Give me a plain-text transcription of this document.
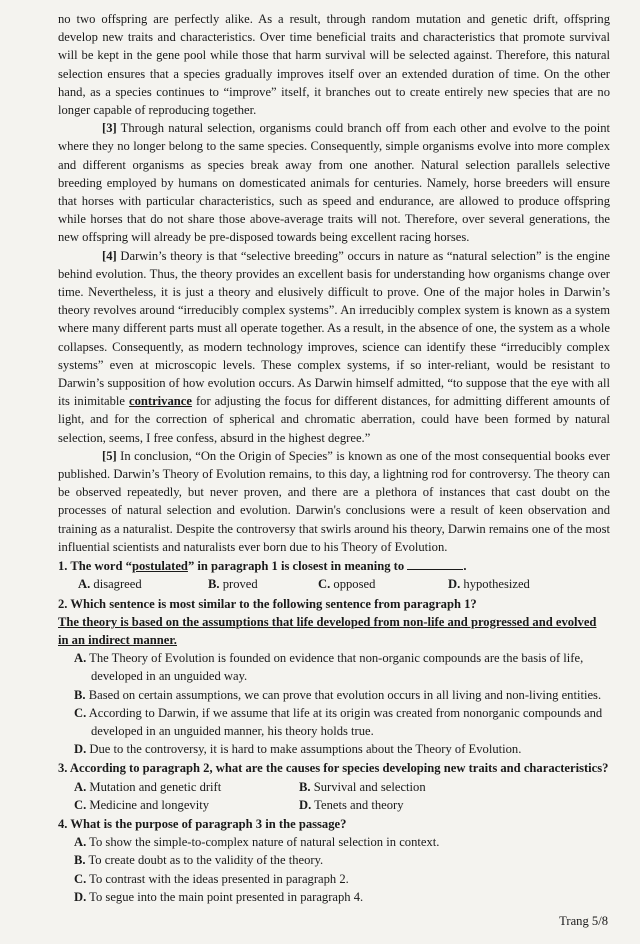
no two offspring are perfectly alike. As a result, through random mutation and genetic drift, offspring develop new traits and characteristics. Over time beneficial traits and characteristics that promote survival will be kept in the gene pool while those that harm survival will be selected against. Therefore, this natural selection ensures that a species gradually improves itself over an extended duration of time. On the other hand, as a species continues to “improve” itself, it branches out to create entirely new species that are no longer capable of reproducing together.

[3] Through natural selection, organisms could branch off from each other and evolve to the point where they no longer belong to the same species. Consequently, simple organisms evolve into more complex and different organisms as species break away from one another. Natural selection parallels selective breeding employed by humans on domesticated animals for centuries. Namely, horse breeders will ensure that horses with particular characteristics, such as speed and endurance, are allowed to produce offspring while horses that do not share those above-average traits will not. Therefore, over several generations, the new offspring will already be pre-disposed towards being excellent racing horses.

[4] Darwin’s theory is that “selective breeding” occurs in nature as “natural selection” is the engine behind evolution. Thus, the theory provides an excellent basis for understanding how organisms change over time. Nevertheless, it is just a theory and elusively difficult to prove. One of the major holes in Darwin’s theory revolves around “irreducibly complex systems”. An irreducibly complex system is known as a system where many different parts must all operate together. As a result, in the absence of one, the system as a whole collapses. Consequently, as modern technology improves, science can identify these “irreducibly complex systems” even at microscopic levels. These complex systems, if so inter-reliant, would be resistant to Darwin’s supposition of how evolution occurs. As Darwin himself admitted, “to suppose that the eye with all its inimitable contrivance for adjusting the focus for different distances, for admitting different amounts of light, and for the correction of spherical and chromatic aberration, could have been formed by natural selection, seems, I free confess, absurd in the highest degree.”

[5] In conclusion, “On the Origin of Species” is known as one of the most consequential books ever published. Darwin’s Theory of Evolution remains, to this day, a lightning rod for controversy. The theory can be observed repeatedly, but never proven, and there are a plethora of instances that cast doubt on the processes of natural selection and evolution. Darwin's conclusions were a result of keen observation and training as a naturalist. Despite the controversy that swirls around his theory, Darwin remains one of the most influential scientists and naturalists ever born due to his Theory of Evolution.

1. The word “postulated” in paragraph 1 is closest in meaning to	.
A. disagreed	B. proved	C. opposed	D. hypothesized
2. Which sentence is most similar to the following sentence from paragraph 1?

The theory is based on the assumptions that life developed from non-life and progressed and evolved in an indirect manner.

A. The Theory of Evolution is founded on evidence that non-organic compounds are the basis of life,
developed in an unguided way.
B. Based on certain assumptions, we can prove that evolution occurs in all living and non-living entities.
C. According to Darwin, if we assume that life at its origin was created from nonorganic compounds and
developed in an unguided manner, his theory holds true.
D. Due to the controversy, it is hard to make assumptions about the Theory of Evolution.
3. According to paragraph 2, what are the causes for species developing new traits and characteristics?
A. Mutation and genetic drift	B. Survival and selection
C. Medicine and longevity	D. Tenets and theory
4. What is the purpose of paragraph 3 in the passage?
A. To show the simple-to-complex nature of natural selection in context.
B. To create doubt as to the validity of the theory.
C. To contrast with the ideas presented in paragraph 2.
D. To segue into the main point presented in paragraph 4.
Trang 5/8
